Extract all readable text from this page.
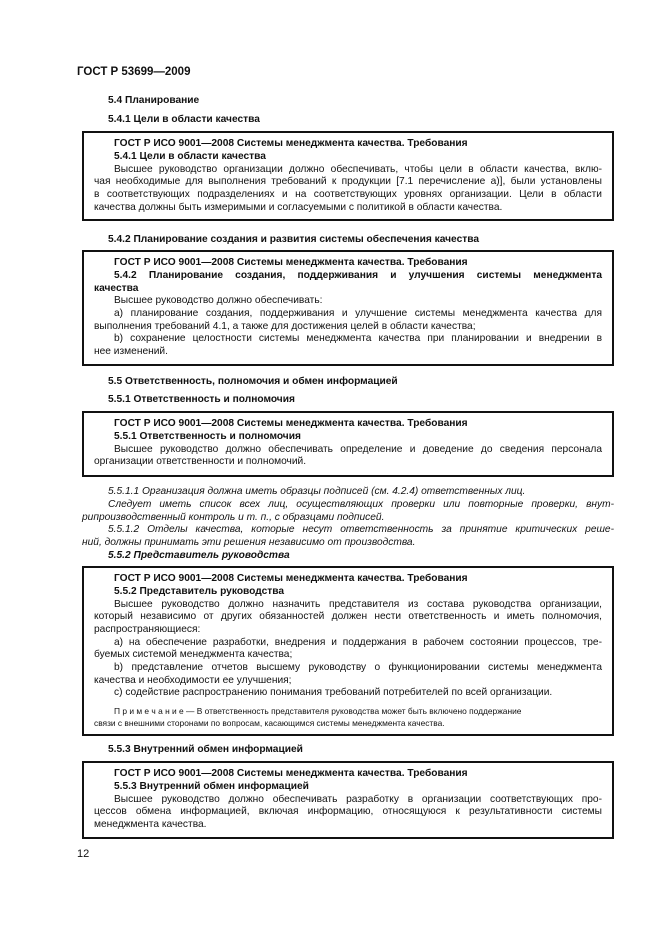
ГОСТ Р 53699—2009
5.4 Планирование
5.4.1 Цели в области качества
ГОСТ Р ИСО 9001—2008 Системы менеджмента качества. Требования
5.4.1 Цели в области качества
Высшее руководство организации должно обеспечивать, чтобы цели в области качества, вклю-
чая необходимые для выполнения требований к продукции [7.1 перечисление а)], были установлены
в соответствующих подразделениях и на соответствующих уровнях организации. Цели в области
качества должны быть измеримыми и согласуемыми с политикой в области качества.
5.4.2 Планирование создания и развития системы обеспечения качества
ГОСТ Р ИСО 9001—2008 Системы менеджмента качества. Требования
5.4.2 Планирование создания, поддерживания и улучшения системы менеджмента
качества
Высшее руководство должно обеспечивать:
a) планирование создания, поддерживания и улучшение системы менеджмента качества для
выполнения требований 4.1, а также для достижения целей в области качества;
b) сохранение целостности системы менеджмента качества при планировании и внедрении в
нее изменений.
5.5 Ответственность, полномочия и обмен информацией
5.5.1 Ответственность и полномочия
ГОСТ Р ИСО 9001—2008 Системы менеджмента качества. Требования
5.5.1 Ответственность и полномочия
Высшее руководство должно обеспечивать определение и доведение до сведения персонала
организации ответственности и полномочий.
5.5.1.1 Организация должна иметь образцы подписей (см. 4.2.4) ответственных лиц.
Следует иметь список всех лиц, осуществляющих проверки или повторные проверки, внут-
рипроизводственный контроль и т. п., с образцами подписей.
5.5.1.2 Отделы качества, которые несут ответственность за принятие критических реше-
ний, должны принимать эти решения независимо от производства.
5.5.2 Представитель руководства
ГОСТ Р ИСО 9001—2008 Системы менеджмента качества. Требования
5.5.2 Представитель руководства
Высшее руководство должно назначить представителя из состава руководства организации,
который независимо от других обязанностей должен нести ответственность и иметь полномочия,
распространяющиеся:
a) на обеспечение разработки, внедрения и поддержания в рабочем состоянии процессов, тре-
буемых системой менеджмента качества;
b) представление отчетов высшему руководству о функционировании системы менеджмента
качества и необходимости ее улучшения;
c) содействие распространению понимания требований потребителей по всей организации.
П р и м е ч а н и е — В ответственность представителя руководства может быть включено поддержание
связи с внешними сторонами по вопросам, касающимся системы менеджмента качества.
5.5.3 Внутренний обмен информацией
ГОСТ Р ИСО 9001—2008 Системы менеджмента качества. Требования
5.5.3 Внутренний обмен информацией
Высшее руководство должно обеспечивать разработку в организации соответствующих про-
цессов обмена информацией, включая информацию, относящуюся к результативности системы
менеджмента качества.
12
